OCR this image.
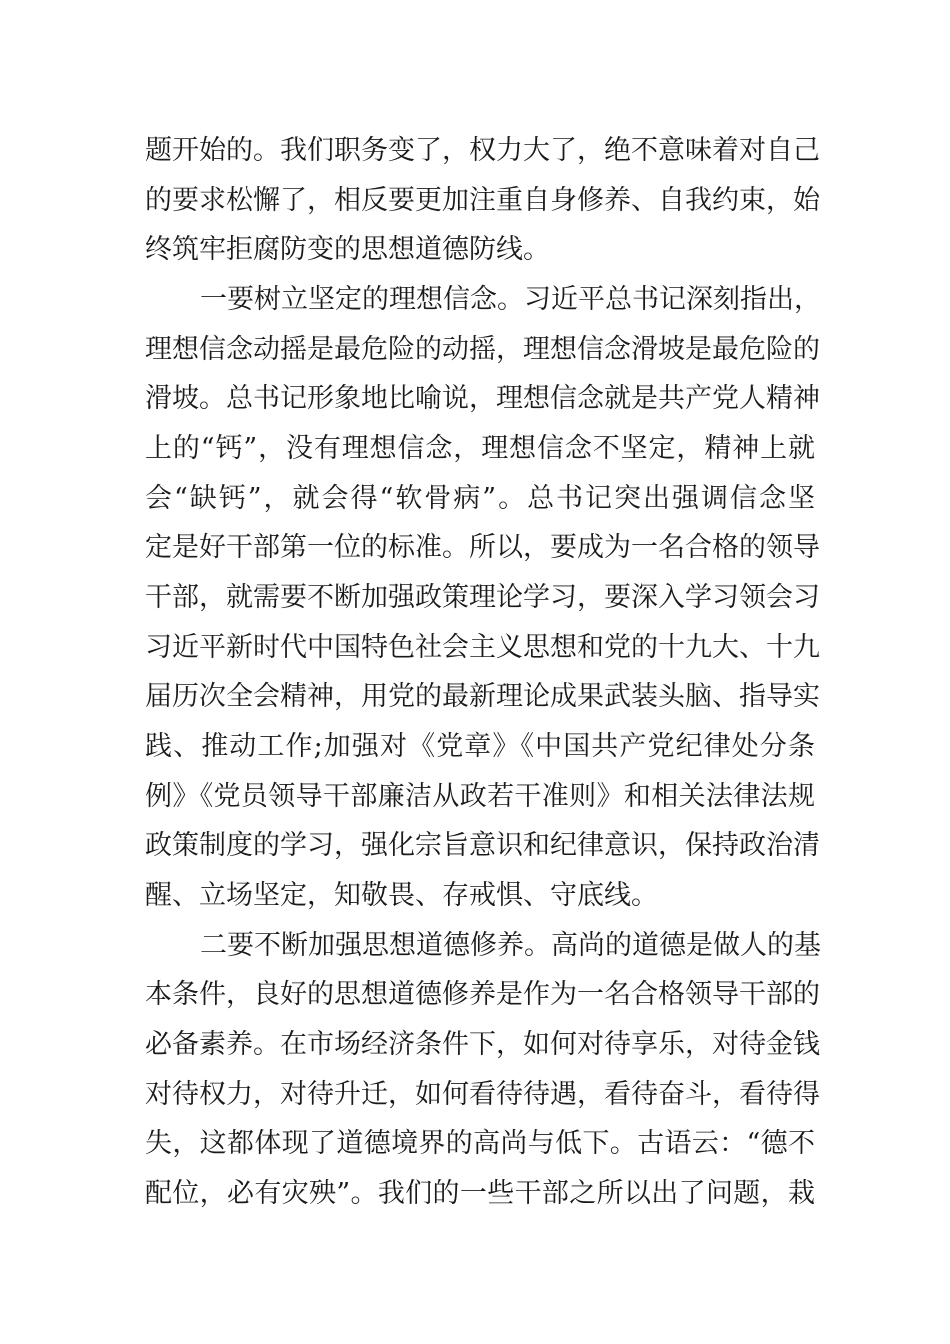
题开始的。我们职务变了，权力大了，绝不意味着对自己
的要求松懈了，相反要更加注重自身修养、自我约束，始
终筑牢拒腐防变的思想道德防线。
一要树立坚定的理想信念。习近平总书记深刻指出，
理想信念动摇是最危险的动摇，理想信念滑坡是最危险的
滑坡。总书记形象地比喻说，理想信念就是共产党人精神
上的“钙”，没有理想信念，理想信念不坚定，精神上就
会“缺钙”，就会得“软骨病”。总书记突出强调信念坚
定是好干部第一位的标准。所以，要成为一名合格的领导
干部，就需要不断加强政策理论学习，要深入学习领会习
习近平新时代中国特色社会主义思想和党的十九大、十九
届历次全会精神，用党的最新理论成果武装头脑、指导实
践、推动工作;加强对《党章》《中国共产党纪律处分条
例》《党员领导干部廉洁从政若干准则》和相关法律法规
政策制度的学习，强化宗旨意识和纪律意识，保持政治清
醒、立场坚定，知敬畏、存戒惧、守底线。
二要不断加强思想道德修养。高尚的道德是做人的基
本条件，良好的思想道德修养是作为一名合格领导干部的
必备素养。在市场经济条件下，如何对待享乐，对待金钱
对待权力，对待升迁，如何看待待遇，看待奋斗，看待得
失，这都体现了道德境界的高尚与低下。古语云：“德不
配位，必有灾殃”。我们的一些干部之所以出了问题，栽
